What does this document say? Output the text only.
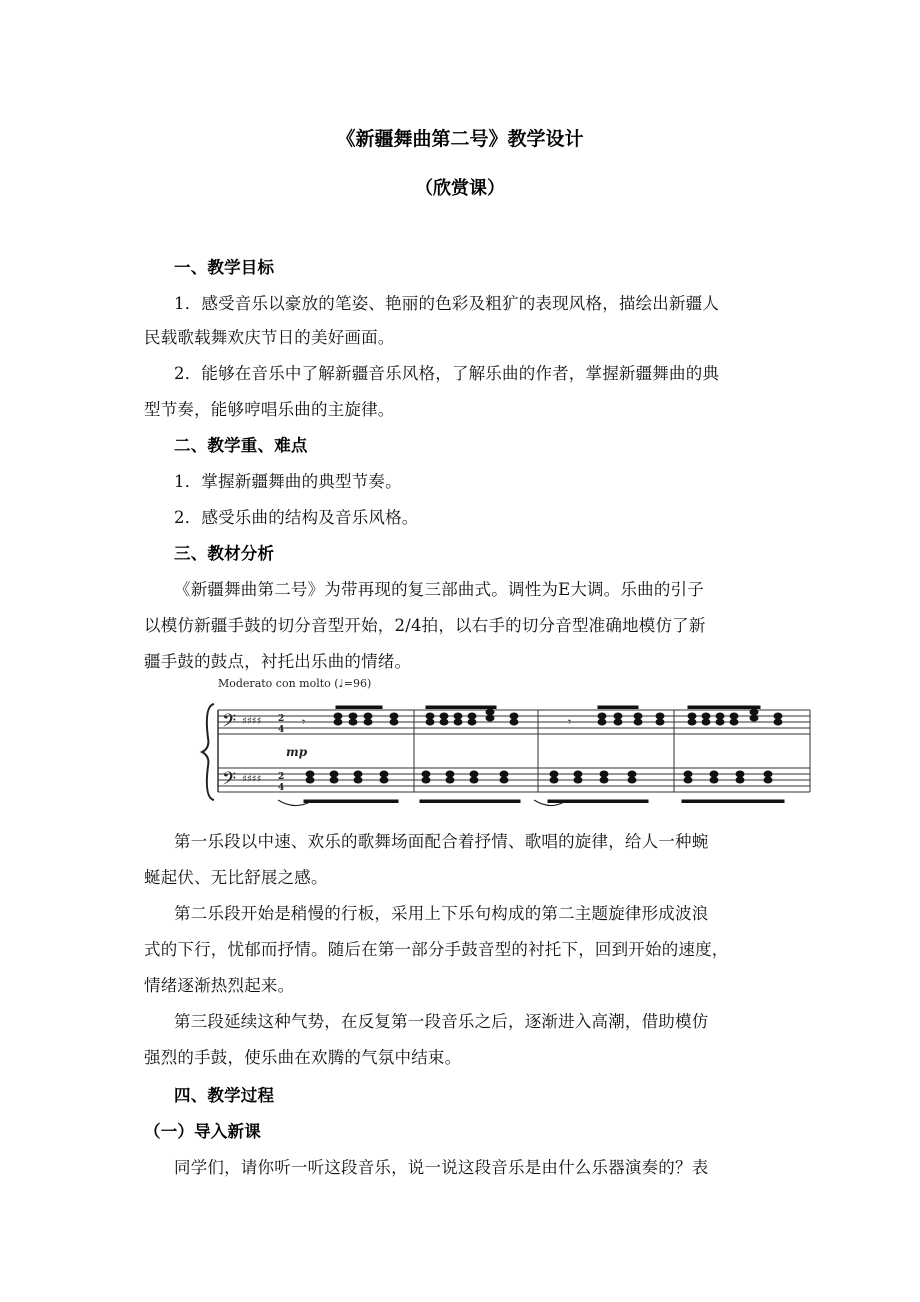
《新疆舞曲第二号》教学设计
（欣赏课）
一、教学目标
1．感受音乐以豪放的笔姿、艳丽的色彩及粗犷的表现风格，描绘出新疆人
民载歌载舞欢庆节日的美好画面。
2．能够在音乐中了解新疆音乐风格，了解乐曲的作者，掌握新疆舞曲的典
型节奏，能够哼唱乐曲的主旋律。
二、教学重、难点
1．掌握新疆舞曲的典型节奏。
2．感受乐曲的结构及音乐风格。
三、教材分析
《新疆舞曲第二号》为带再现的复三部曲式。调性为E大调。乐曲的引子
以模仿新疆手鼓的切分音型开始，2/4拍，以右手的切分音型准确地模仿了新
疆手鼓的鼓点，衬托出乐曲的情绪。
Moderato con molto (♩=96)
𝄢
𝄢
♯♯♯♯
♯♯♯♯
2
4
2
4
mp
𝄾	𝄾
第一乐段以中速、欢乐的歌舞场面配合着抒情、歌唱的旋律，给人一种蜿
蜒起伏、无比舒展之感。
第二乐段开始是稍慢的行板，采用上下乐句构成的第二主题旋律形成波浪
式的下行，忧郁而抒情。随后在第一部分手鼓音型的衬托下，回到开始的速度，
情绪逐渐热烈起来。
第三段延续这种气势，在反复第一段音乐之后，逐渐进入高潮，借助模仿
强烈的手鼓，使乐曲在欢腾的气氛中结束。
四、教学过程
（一）导入新课
同学们，请你听一听这段音乐，说一说这段音乐是由什么乐器演奏的？表
